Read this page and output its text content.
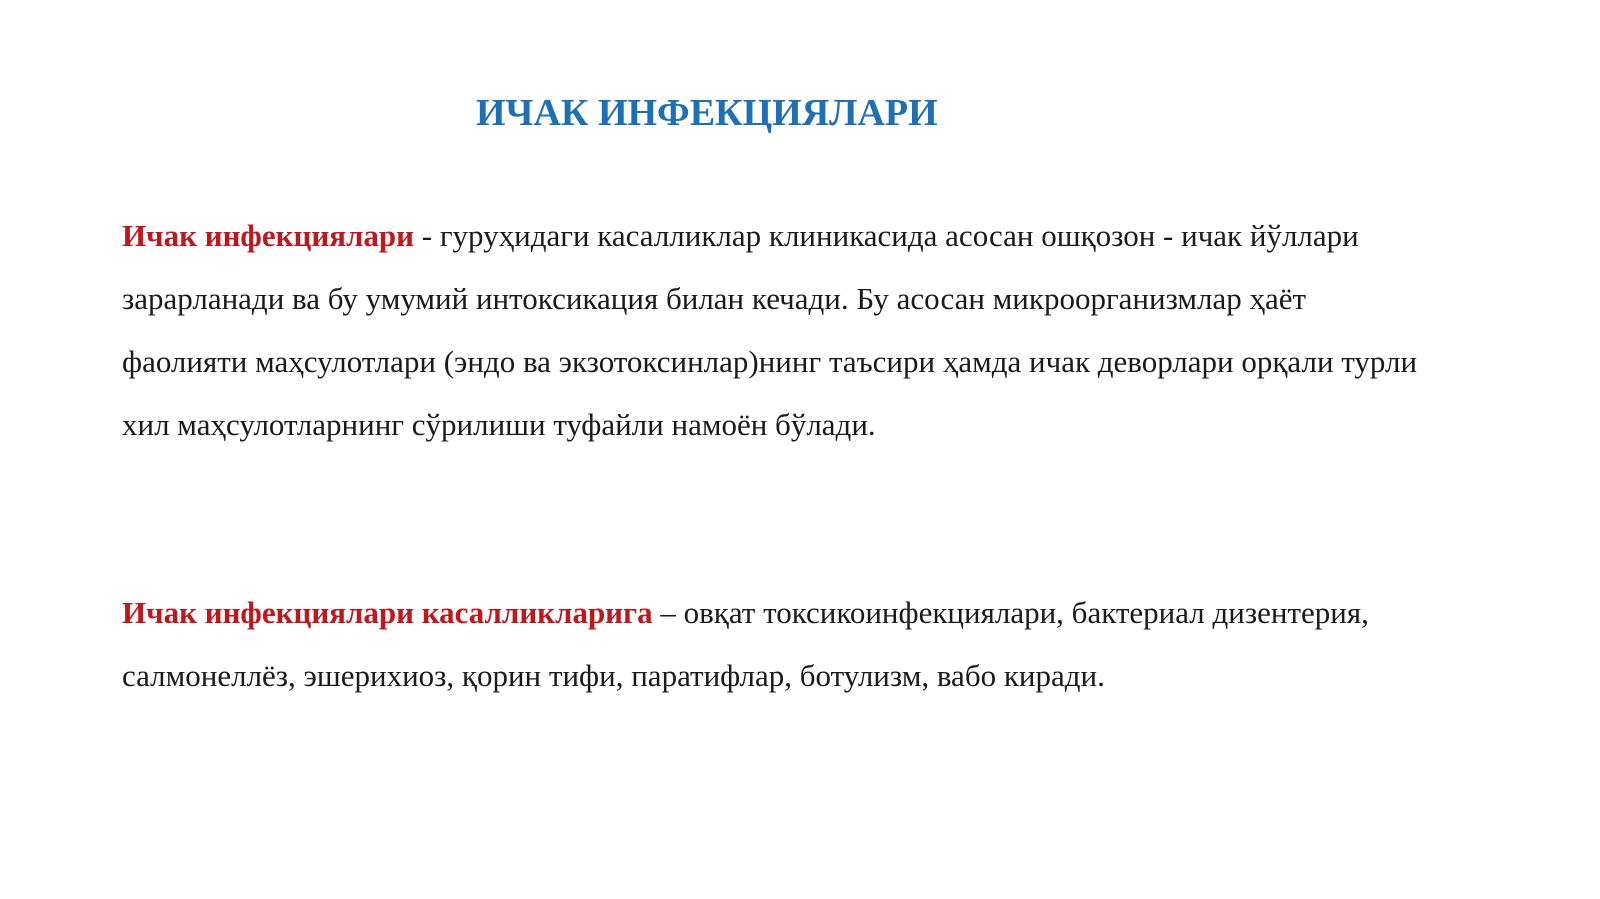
ИЧАК ИНФЕКЦИЯЛАРИ

Ичак инфекциялари - гуруҳидаги касалликлар клиникасида асосан ошқозон - ичак йўллари зарарланади ва бу умумий интоксикация билан кечади. Бу асосан микроорганизмлар ҳаёт фаолияти маҳсулотлари (эндо ва экзотоксинлар)нинг таъсири ҳамда ичак деворлари орқали турли хил маҳсулотларнинг сўрилиши туфайли намоён бўлади.

Ичак инфекциялари касалликларига – овқат токсикоинфекциялари, бактериал дизентерия, салмонеллёз, эшерихиоз, қорин тифи, паратифлар, ботулизм, вабо киради.
